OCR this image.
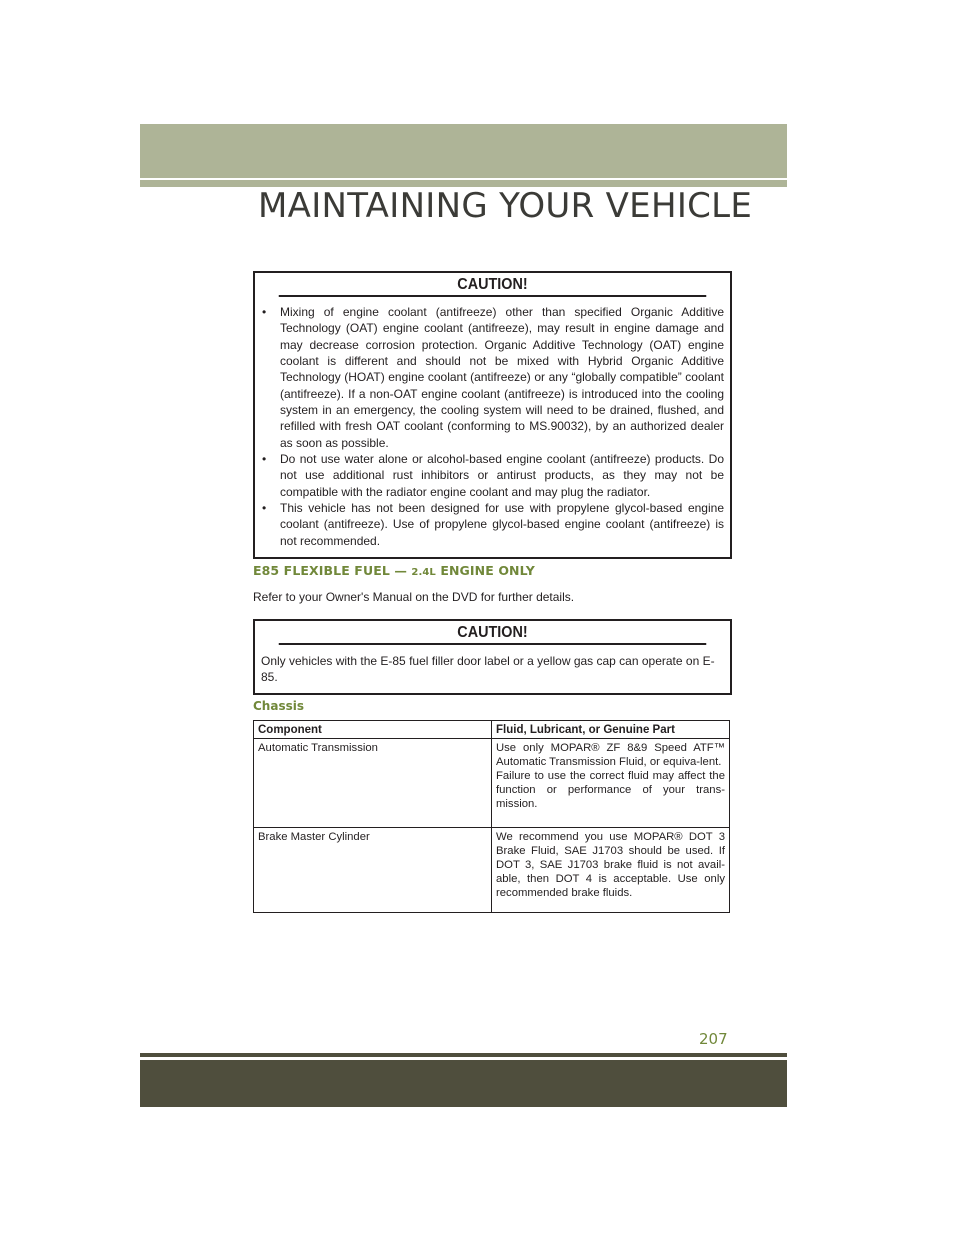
MAINTAINING YOUR VEHICLE
CAUTION!
• Mixing of engine coolant (antifreeze) other than specified Organic Additive Technology (OAT) engine coolant (antifreeze), may result in engine damage and may decrease corrosion protection. Organic Additive Technology (OAT) engine coolant is different and should not be mixed with Hybrid Organic Additive Technology (HOAT) engine coolant (antifreeze) or any “globally compatible” coolant (antifreeze). If a non-OAT engine coolant (antifreeze) is introduced into the cooling system in an emergency, the cooling system will need to be drained, flushed, and refilled with fresh OAT coolant (conforming to MS.90032), by an authorized dealer as soon as possible.
• Do not use water alone or alcohol-based engine coolant (antifreeze) products. Do not use additional rust inhibitors or antirust products, as they may not be compatible with the radiator engine coolant and may plug the radiator.
• This vehicle has not been designed for use with propylene glycol-based engine coolant (antifreeze). Use of propylene glycol-based engine coolant (antifreeze) is not recommended.
E85 FLEXIBLE FUEL — 2.4L ENGINE ONLY
Refer to your Owner's Manual on the DVD for further details.
CAUTION!
Only vehicles with the E-85 fuel filler door label or a yellow gas cap can operate on E-85.
Chassis
Component	Fluid, Lubricant, or Genuine Part
Automatic Transmission	Use only MOPAR® ZF 8&9 Speed ATF™ Automatic Transmission Fluid, or equiva-lent.
Failure to use the correct fluid may affect the function or performance of your trans-mission.

Brake Master Cylinder	We recommend you use MOPAR® DOT 3 Brake Fluid, SAE J1703 should be used. If DOT 3, SAE J1703 brake fluid is not avail-able, then DOT 4 is acceptable. Use only recommended brake fluids.
207
